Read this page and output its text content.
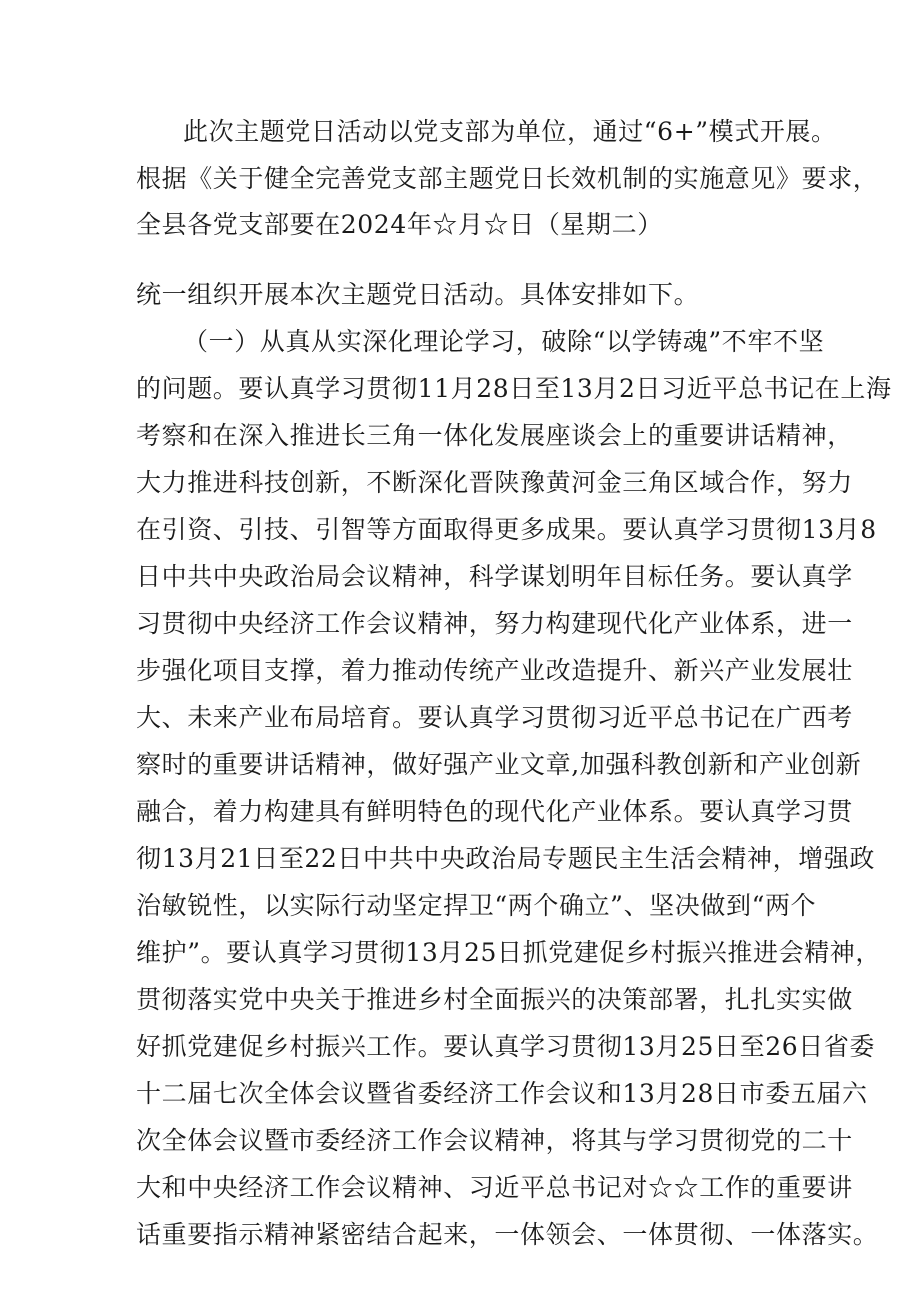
此次主题党日活动以党支部为单位，通过“6+”模式开展。
根据《关于健全完善党支部主题党日长效机制的实施意见》要求，
全县各党支部要在2024年☆月☆日（星期二）
统一组织开展本次主题党日活动。具体安排如下。
（一）从真从实深化理论学习，破除“以学铸魂”不牢不坚
的问题。要认真学习贯彻11月28日至13月2日习近平总书记在上海
考察和在深入推进长三角一体化发展座谈会上的重要讲话精神，
大力推进科技创新，不断深化晋陕豫黄河金三角区域合作，努力
在引资、引技、引智等方面取得更多成果。要认真学习贯彻13月8
日中共中央政治局会议精神，科学谋划明年目标任务。要认真学
习贯彻中央经济工作会议精神，努力构建现代化产业体系，进一
步强化项目支撑，着力推动传统产业改造提升、新兴产业发展壮
大、未来产业布局培育。要认真学习贯彻习近平总书记在广西考
察时的重要讲话精神，做好强产业文章,加强科教创新和产业创新
融合，着力构建具有鲜明特色的现代化产业体系。要认真学习贯
彻13月21日至22日中共中央政治局专题民主生活会精神，增强政
治敏锐性，以实际行动坚定捍卫“两个确立”、坚决做到“两个
维护”。要认真学习贯彻13月25日抓党建促乡村振兴推进会精神，
贯彻落实党中央关于推进乡村全面振兴的决策部署，扎扎实实做
好抓党建促乡村振兴工作。要认真学习贯彻13月25日至26日省委
十二届七次全体会议暨省委经济工作会议和13月28日市委五届六
次全体会议暨市委经济工作会议精神，将其与学习贯彻党的二十
大和中央经济工作会议精神、习近平总书记对☆☆工作的重要讲
话重要指示精神紧密结合起来，一体领会、一体贯彻、一体落实。
